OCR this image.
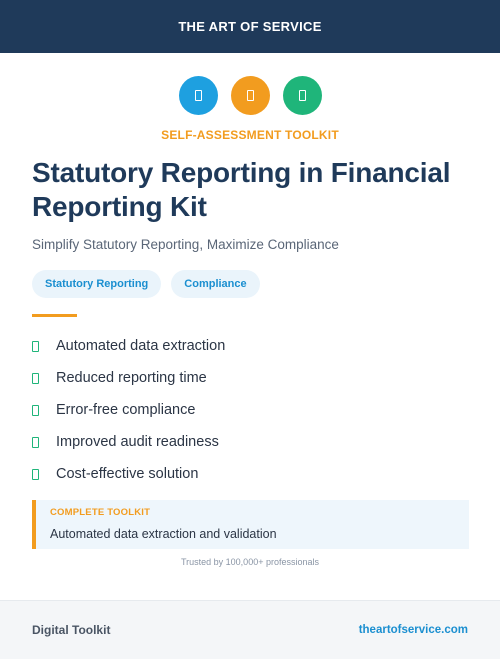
THE ART OF SERVICE
SELF-ASSESSMENT TOOLKIT
Statutory Reporting in Financial Reporting Kit

Simplify Statutory Reporting, Maximize Compliance

Statutory Reporting	Compliance
Automated data extraction
Reduced reporting time
Error-free compliance
Improved audit readiness
Cost-effective solution
COMPLETE TOOLKIT
Automated data extraction and validation
Trusted by 100,000+ professionals
Digital Toolkit	theartofservice.com
